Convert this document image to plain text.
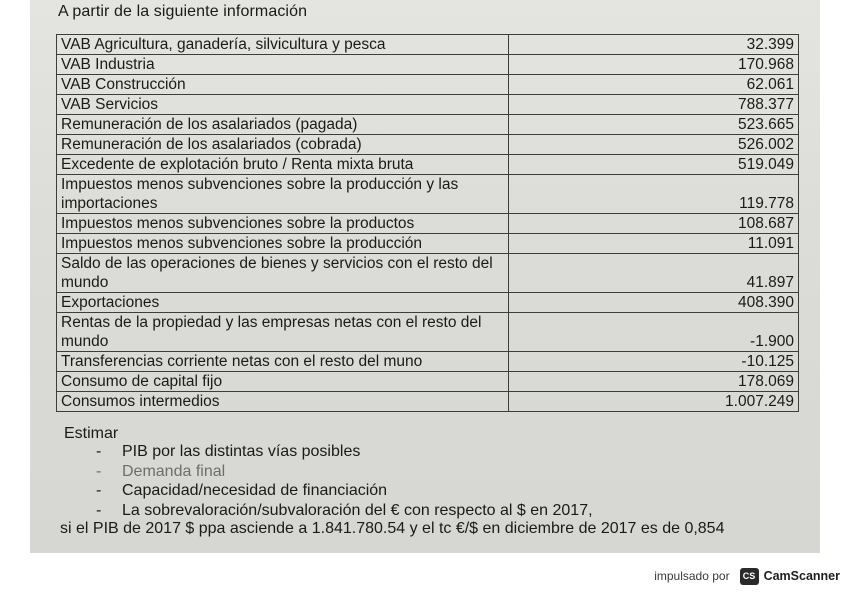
A partir de la siguiente información
VAB Agricultura, ganadería, silvicultura y pesca	32.399
VAB Industria	170.968
VAB Construcción	62.061
VAB Servicios	788.377
Remuneración de los asalariados (pagada)	523.665
Remuneración de los asalariados (cobrada)	526.002
Excedente de explotación bruto / Renta mixta bruta	519.049
Impuestos menos subvenciones sobre la producción y las importaciones	119.778
Impuestos menos subvenciones sobre la productos	108.687
Impuestos menos subvenciones sobre la producción	11.091
Saldo de las operaciones de bienes y servicios con el resto del mundo	41.897
Exportaciones	408.390
Rentas de la propiedad y las empresas netas con el resto del mundo	-1.900
Transferencias corriente netas con el resto del muno	-10.125
Consumo de capital fijo	178.069
Consumos intermedios	1.007.249
Estimar
- PIB por las distintas vías posibles
- Demanda final
- Capacidad/necesidad de financiación
- La sobrevaloración/subvaloración del € con respecto al $ en 2017,
si el PIB de 2017 $ ppa asciende a 1.841.780.54 y el tc €/$ en diciembre de 2017 es de 0,854
impulsado por	CS CamScanner
